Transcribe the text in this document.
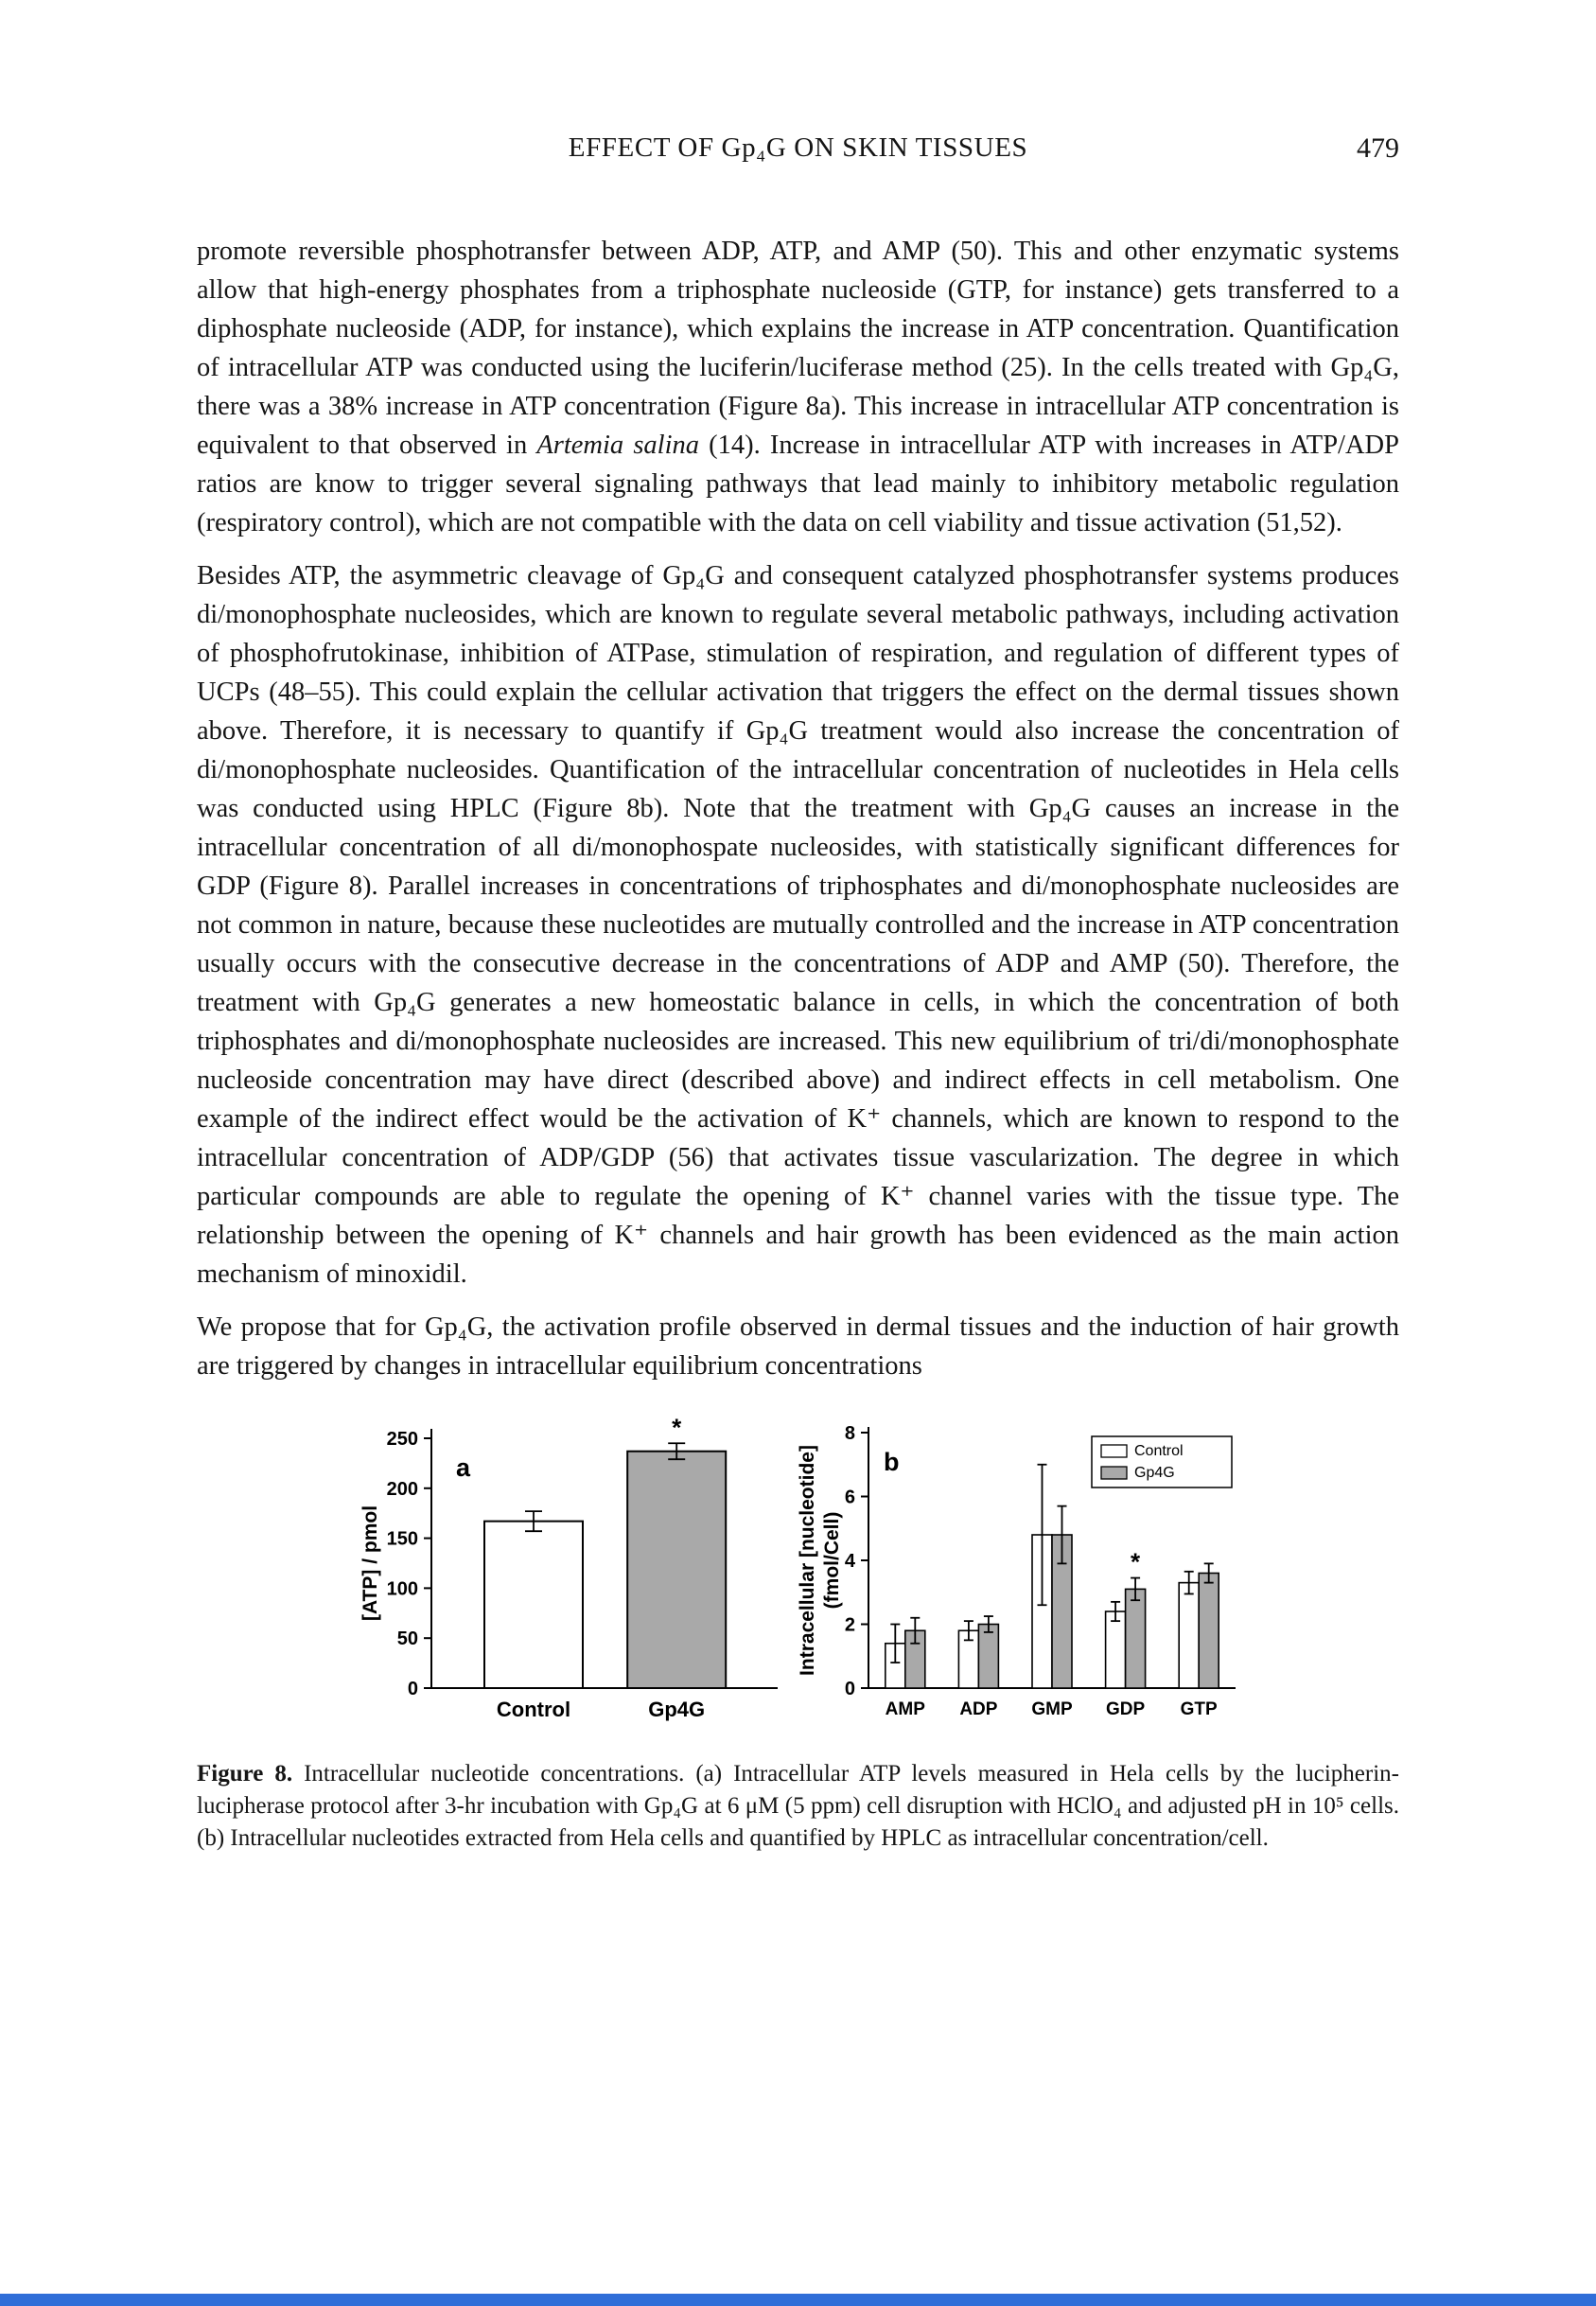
EFFECT OF Gp₄G ON SKIN TISSUES	479

promote reversible phosphotransfer between ADP, ATP, and AMP (50). This and other enzymatic systems allow that high-energy phosphates from a triphosphate nucleoside (GTP, for instance) gets transferred to a diphosphate nucleoside (ADP, for instance), which explains the increase in ATP concentration. Quantification of intracellular ATP was conducted using the luciferin/luciferase method (25). In the cells treated with Gp₄G, there was a 38% increase in ATP concentration (Figure 8a). This increase in intracellular ATP concentration is equivalent to that observed in Artemia salina (14). Increase in intracellular ATP with increases in ATP/ADP ratios are know to trigger several signaling pathways that lead mainly to inhibitory metabolic regulation (respiratory control), which are not compatible with the data on cell viability and tissue activation (51,52).

Besides ATP, the asymmetric cleavage of Gp₄G and consequent catalyzed phosphotransfer systems produces di/monophosphate nucleosides, which are known to regulate several metabolic pathways, including activation of phosphofrutokinase, inhibition of ATPase, stimulation of respiration, and regulation of different types of UCPs (48–55). This could explain the cellular activation that triggers the effect on the dermal tissues shown above. Therefore, it is necessary to quantify if Gp₄G treatment would also increase the concentration of di/monophosphate nucleosides. Quantification of the intracellular concentration of nucleotides in Hela cells was conducted using HPLC (Figure 8b). Note that the treatment with Gp₄G causes an increase in the intracellular concentration of all di/monophospate nucleosides, with statistically significant differences for GDP (Figure 8). Parallel increases in concentrations of triphosphates and di/monophosphate nucleosides are not common in nature, because these nucleotides are mutually controlled and the increase in ATP concentration usually occurs with the consecutive decrease in the concentrations of ADP and AMP (50). Therefore, the treatment with Gp₄G generates a new homeostatic balance in cells, in which the concentration of both triphosphates and di/monophosphate nucleosides are increased. This new equilibrium of tri/di/monophosphate nucleoside concentration may have direct (described above) and indirect effects in cell metabolism. One example of the indirect effect would be the activation of K⁺ channels, which are known to respond to the intracellular concentration of ADP/GDP (56) that activates tissue vascularization. The degree in which particular compounds are able to regulate the opening of K⁺ channel varies with the tissue type. The relationship between the opening of K⁺ channels and hair growth has been evidenced as the main action mechanism of minoxidil.

We propose that for Gp₄G, the activation profile observed in dermal tissues and the induction of hair growth are triggered by changes in intracellular equilibrium concentrations

0
50
100
150
200
250
Control	Gp4G
[ATP] / pmol
a
*
0
2
4
6
8
AMP ADP GMP GDP GTP
Control
Gp4G
Intracellular [nucleotide] (fmol/Cell)
b
*
Figure 8. Intracellular nucleotide concentrations. (a) Intracellular ATP levels measured in Hela cells by the lucipherin-lucipherase protocol after 3-hr incubation with Gp₄G at 6 μM (5 ppm) cell disruption with HClO₄ and adjusted pH in 10⁵ cells. (b) Intracellular nucleotides extracted from Hela cells and quantified by HPLC as intracellular concentration/cell.
